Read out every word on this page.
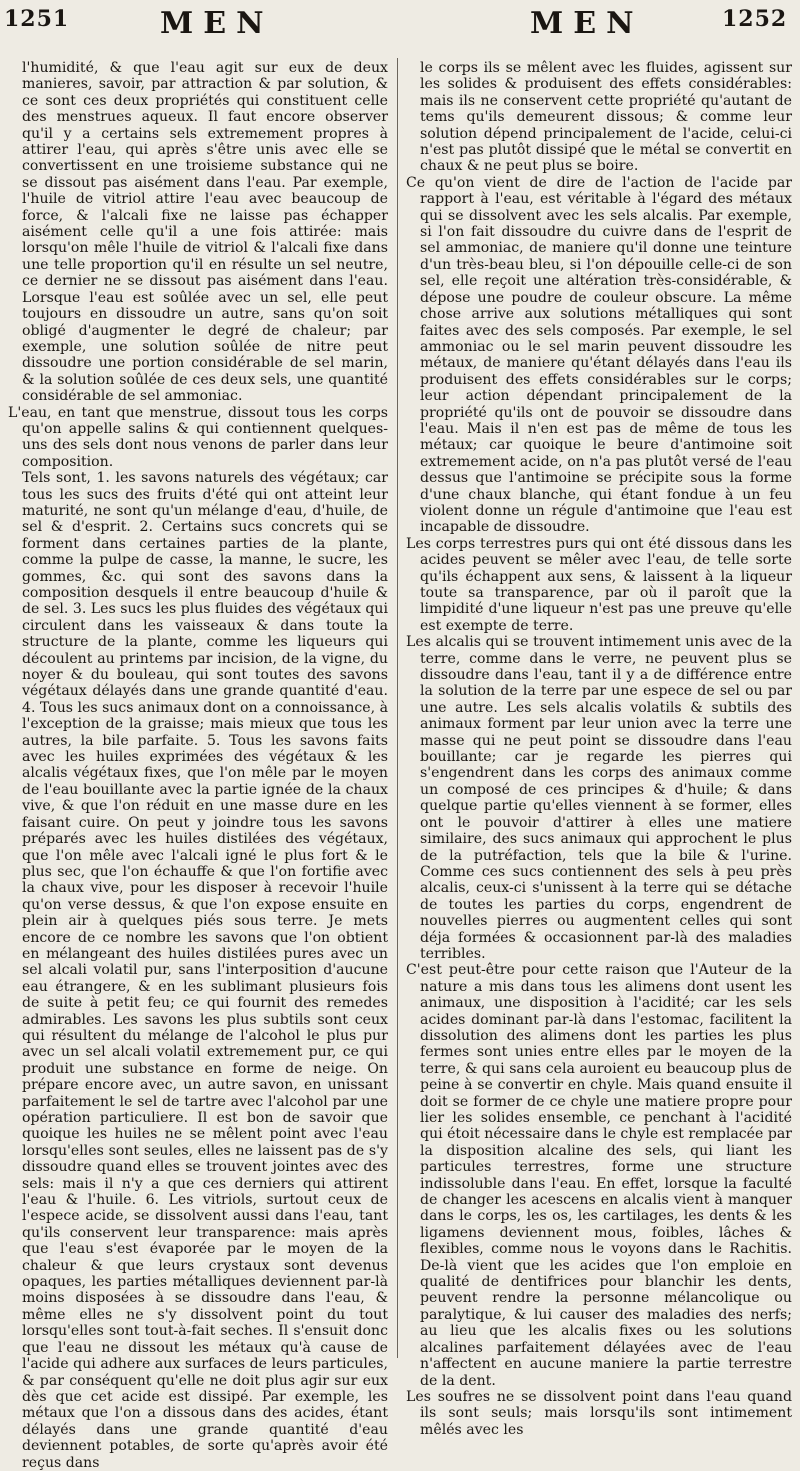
1251	MEN	MEN	1252

l'humidité, & que l'eau agit sur eux de deux manieres, savoir, par attraction & par solution, & ce sont ces deux propriétés qui constituent celle des menstrues aqueux. Il faut encore observer qu'il y a certains sels extremement propres à attirer l'eau, qui après s'être unis avec elle se convertissent en une troisieme substance qui ne se dissout pas aisément dans l'eau. Par exemple, l'huile de vitriol attire l'eau avec beaucoup de force, & l'alcali fixe ne laisse pas échapper aisément celle qu'il a une fois attirée: mais lorsqu'on mêle l'huile de vitriol & l'alcali fixe dans une telle proportion qu'il en résulte un sel neutre, ce dernier ne se dissout pas aisément dans l'eau. Lorsque l'eau est soûlée avec un sel, elle peut toujours en dissoudre un autre, sans qu'on soit obligé d'augmenter le degré de chaleur; par exemple, une solution soûlée de nitre peut dissoudre une portion considérable de sel marin, & la solution soûlée de ces deux sels, une quantité considérable de sel ammoniac.

L'eau, en tant que menstrue, dissout tous les corps qu'on appelle salins & qui contiennent quelques-uns des sels dont nous venons de parler dans leur composition.

Tels sont, 1. les savons naturels des végétaux; car tous les sucs des fruits d'été qui ont atteint leur maturité, ne sont qu'un mélange d'eau, d'huile, de sel & d'esprit. 2. Certains sucs concrets qui se forment dans certaines parties de la plante, comme la pulpe de casse, la manne, le sucre, les gommes, &c. qui sont des savons dans la composition desquels il entre beaucoup d'huile & de sel. 3. Les sucs les plus fluides des végétaux qui circulent dans les vaisseaux & dans toute la structure de la plante, comme les liqueurs qui découlent au printems par incision, de la vigne, du noyer & du bouleau, qui sont toutes des savons végétaux délayés dans une grande quantité d'eau. 4. Tous les sucs animaux dont on a connoissance, à l'exception de la graisse; mais mieux que tous les autres, la bile parfaite. 5. Tous les savons faits avec les huiles exprimées des végétaux & les alcalis végétaux fixes, que l'on mêle par le moyen de l'eau bouillante avec la partie ignée de la chaux vive, & que l'on réduit en une masse dure en les faisant cuire. On peut y joindre tous les savons préparés avec les huiles distilées des végétaux, que l'on mêle avec l'alcali igné le plus fort & le plus sec, que l'on échauffe & que l'on fortifie avec la chaux vive, pour les disposer à recevoir l'huile qu'on verse dessus, & que l'on expose ensuite en plein air à quelques piés sous terre. Je mets encore de ce nombre les savons que l'on obtient en mélangeant des huiles distilées pures avec un sel alcali volatil pur, sans l'interposition d'aucune eau étrangere, & en les sublimant plusieurs fois de suite à petit feu; ce qui fournit des remedes admirables. Les savons les plus subtils sont ceux qui résultent du mélange de l'alcohol le plus pur avec un sel alcali volatil extremement pur, ce qui produit une substance en forme de neige. On prépare encore avec, un autre savon, en unissant parfaitement le sel de tartre avec l'alcohol par une opération particuliere. Il est bon de savoir que quoique les huiles ne se mêlent point avec l'eau lorsqu'elles sont seules, elles ne laissent pas de s'y dissoudre quand elles se trouvent jointes avec des sels: mais il n'y a que ces derniers qui attirent l'eau & l'huile. 6. Les vitriols, surtout ceux de l'espece acide, se dissolvent aussi dans l'eau, tant qu'ils conservent leur transparence: mais après que l'eau s'est évaporée par le moyen de la chaleur & que leurs crystaux sont devenus opaques, les parties métalliques deviennent par-là moins disposées à se dissoudre dans l'eau, & même elles ne s'y dissolvent point du tout lorsqu'elles sont tout-à-fait seches. Il s'ensuit donc que l'eau ne dissout les métaux qu'à cause de l'acide qui adhere aux surfaces de leurs particules, & par conséquent qu'elle ne doit plus agir sur eux dès que cet acide est dissipé. Par exemple, les métaux que l'on a dissous dans des acides, étant délayés dans une grande quantité d'eau deviennent potables, de sorte qu'après avoir été reçus dans

le corps ils se mêlent avec les fluides, agissent sur les solides & produisent des effets considérables: mais ils ne conservent cette propriété qu'autant de tems qu'ils demeurent dissous; & comme leur solution dépend principalement de l'acide, celui-ci n'est pas plutôt dissipé que le métal se convertit en chaux & ne peut plus se boire.

Ce qu'on vient de dire de l'action de l'acide par rapport à l'eau, est véritable à l'égard des métaux qui se dissolvent avec les sels alcalis. Par exemple, si l'on fait dissoudre du cuivre dans de l'esprit de sel ammoniac, de maniere qu'il donne une teinture d'un très-beau bleu, si l'on dépouille celle-ci de son sel, elle reçoit une altération très-considérable, & dépose une poudre de couleur obscure. La même chose arrive aux solutions métalliques qui sont faites avec des sels composés. Par exemple, le sel ammoniac ou le sel marin peuvent dissoudre les métaux, de maniere qu'étant délayés dans l'eau ils produisent des effets considérables sur le corps; leur action dépendant principalement de la propriété qu'ils ont de pouvoir se dissoudre dans l'eau. Mais il n'en est pas de même de tous les métaux; car quoique le beure d'antimoine soit extremement acide, on n'a pas plutôt versé de l'eau dessus que l'antimoine se précipite sous la forme d'une chaux blanche, qui étant fondue à un feu violent donne un régule d'antimoine que l'eau est incapable de dissoudre.

Les corps terrestres purs qui ont été dissous dans les acides peuvent se mêler avec l'eau, de telle sorte qu'ils échappent aux sens, & laissent à la liqueur toute sa transparence, par où il paroît que la limpidité d'une liqueur n'est pas une preuve qu'elle est exempte de terre.

Les alcalis qui se trouvent intimement unis avec de la terre, comme dans le verre, ne peuvent plus se dissoudre dans l'eau, tant il y a de différence entre la solution de la terre par une espece de sel ou par une autre. Les sels alcalis volatils & subtils des animaux forment par leur union avec la terre une masse qui ne peut point se dissoudre dans l'eau bouillante; car je regarde les pierres qui s'engendrent dans les corps des animaux comme un composé de ces principes & d'huile; & dans quelque partie qu'elles viennent à se former, elles ont le pouvoir d'attirer à elles une matiere similaire, des sucs animaux qui approchent le plus de la putréfaction, tels que la bile & l'urine. Comme ces sucs contiennent des sels à peu près alcalis, ceux-ci s'unissent à la terre qui se détache de toutes les parties du corps, engendrent de nouvelles pierres ou augmentent celles qui sont déja formées & occasionnent par-là des maladies terribles.

C'est peut-être pour cette raison que l'Auteur de la nature a mis dans tous les alimens dont usent les animaux, une disposition à l'acidité; car les sels acides dominant par-là dans l'estomac, facilitent la dissolution des alimens dont les parties les plus fermes sont unies entre elles par le moyen de la terre, & qui sans cela auroient eu beaucoup plus de peine à se convertir en chyle. Mais quand ensuite il doit se former de ce chyle une matiere propre pour lier les solides ensemble, ce penchant à l'acidité qui étoit nécessaire dans le chyle est remplacée par la disposition alcaline des sels, qui liant les particules terrestres, forme une structure indissoluble dans l'eau. En effet, lorsque la faculté de changer les acescens en alcalis vient à manquer dans le corps, les os, les cartilages, les dents & les ligamens deviennent mous, foibles, lâches & flexibles, comme nous le voyons dans le Rachitis. De-là vient que les acides que l'on emploie en qualité de dentifrices pour blanchir les dents, peuvent rendre la personne mélancolique ou paralytique, & lui causer des maladies des nerfs; au lieu que les alcalis fixes ou les solutions alcalines parfaitement délayées avec de l'eau n'affectent en aucune maniere la partie terrestre de la dent.

Les soufres ne se dissolvent point dans l'eau quand ils sont seuls; mais lorsqu'ils sont intimement mêlés avec les
